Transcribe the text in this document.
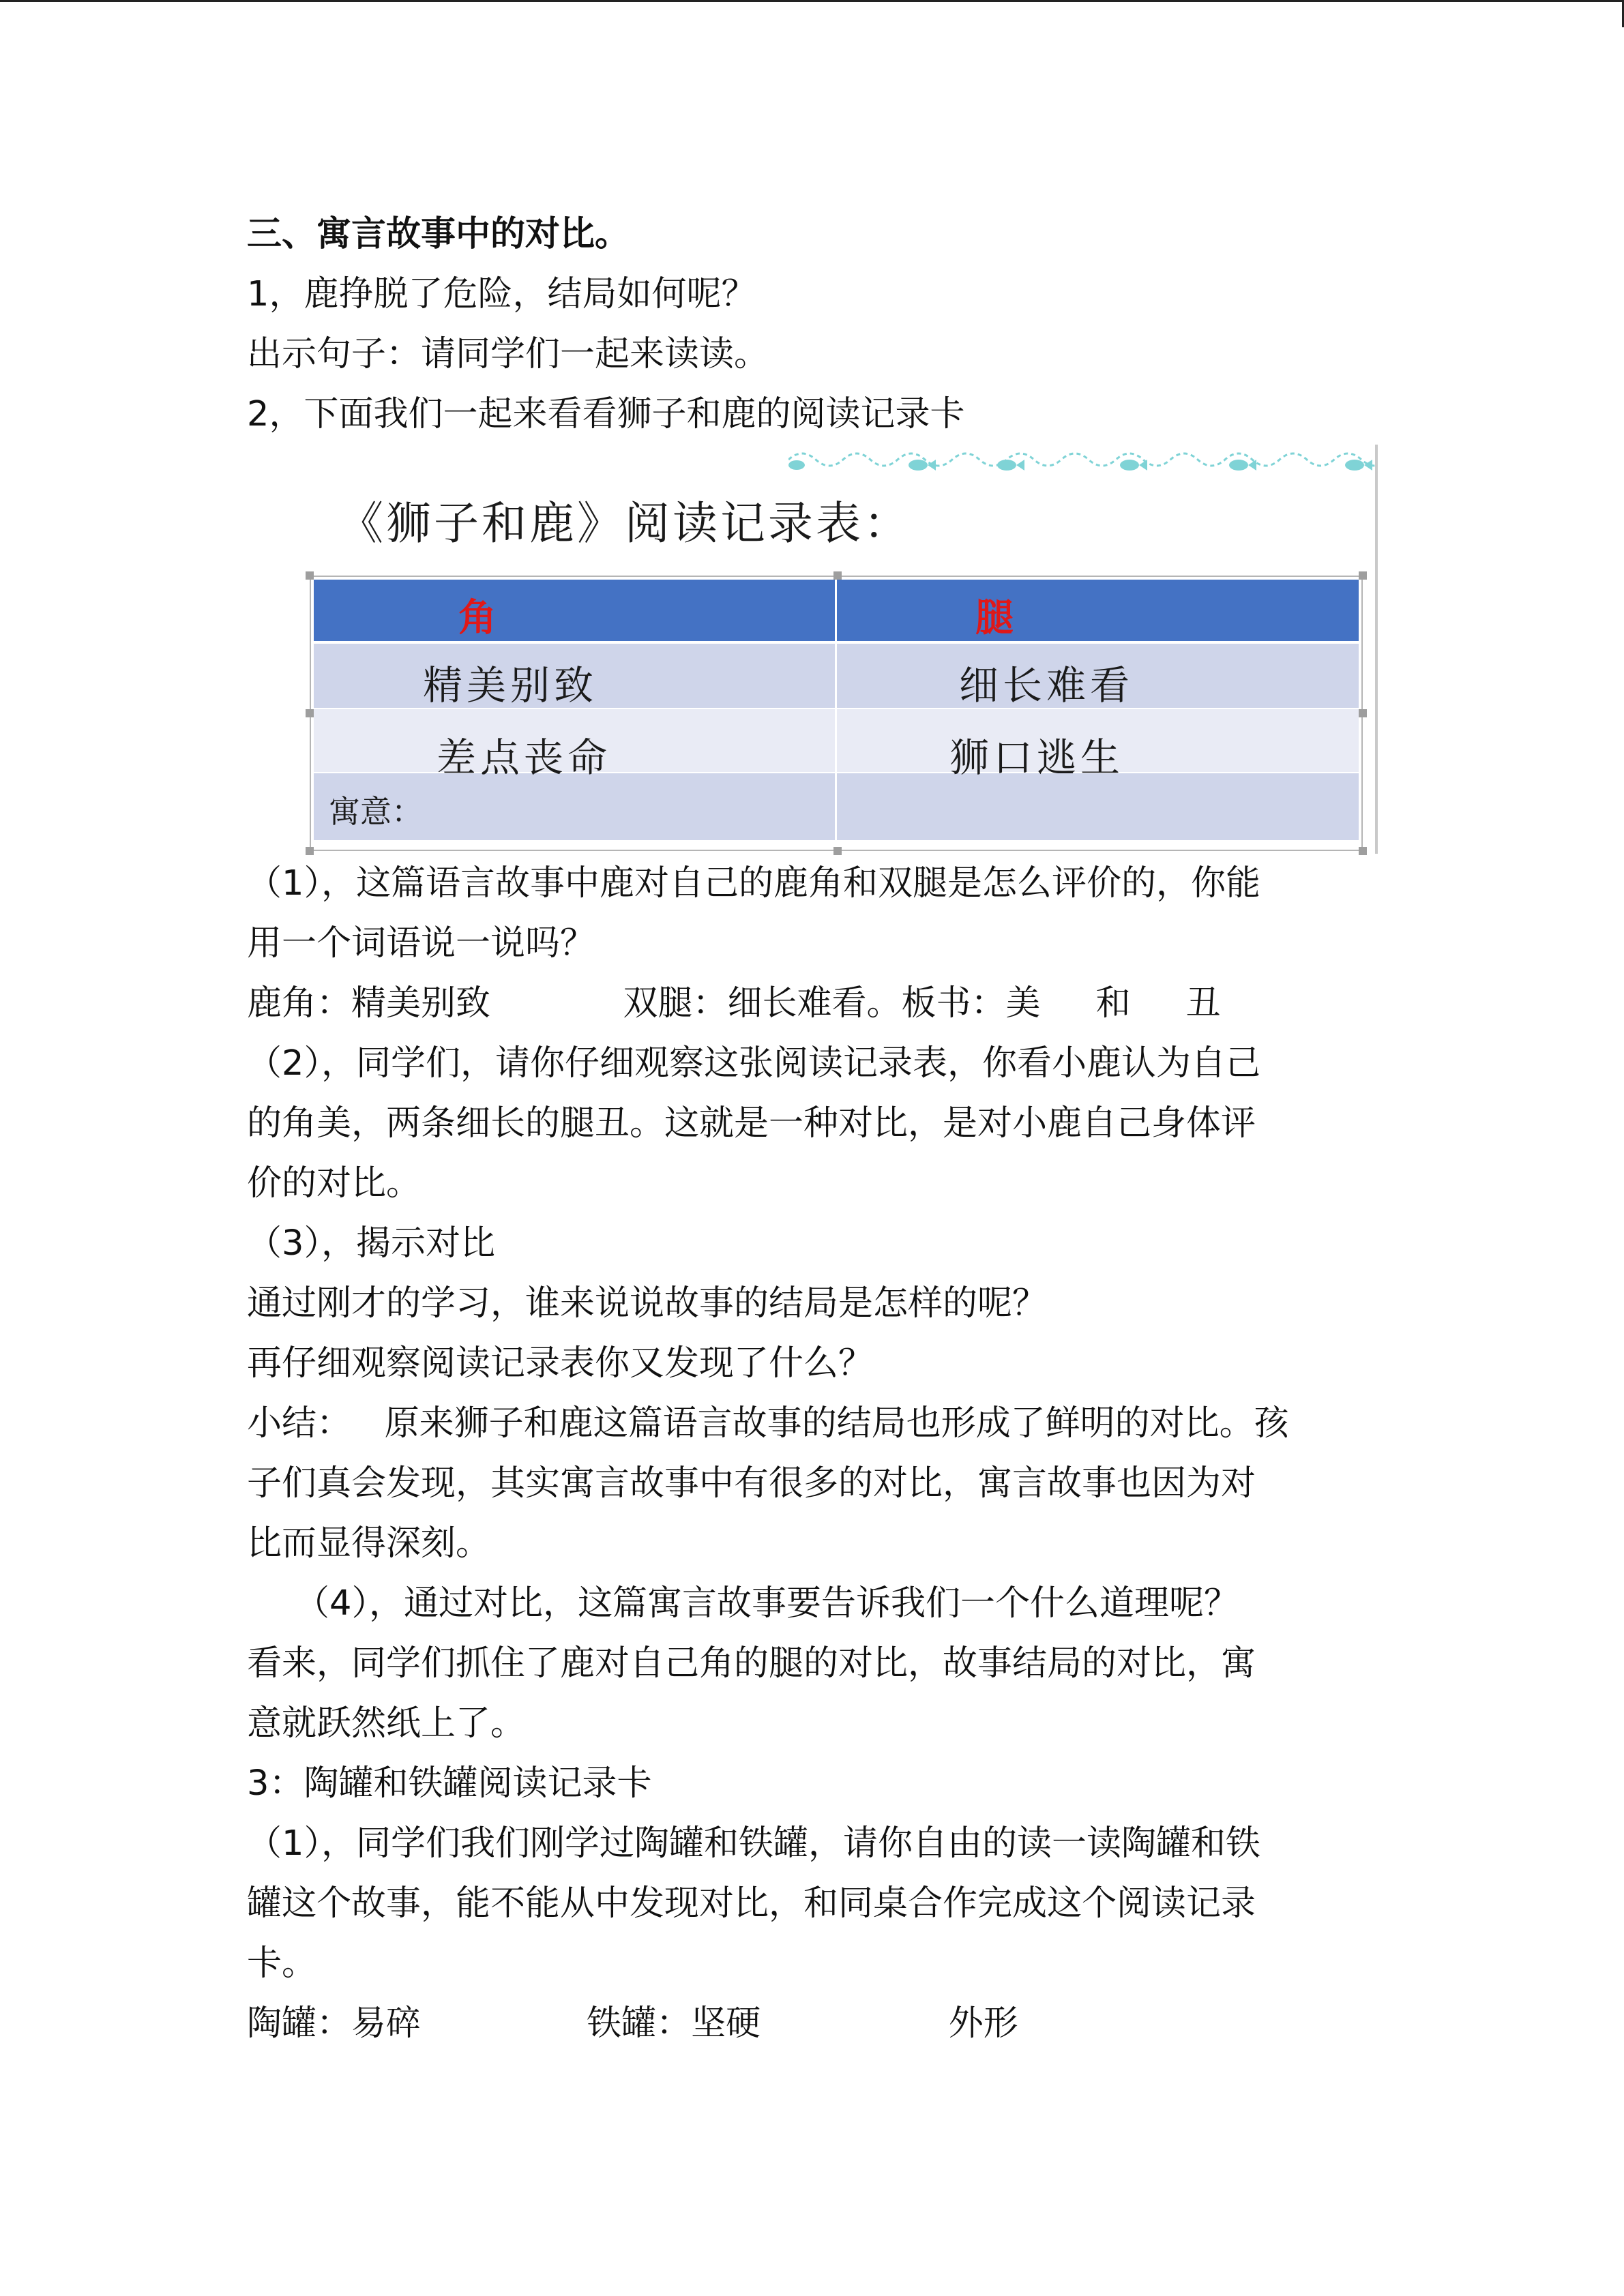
三、寓言故事中的对比。
1，鹿挣脱了危险，结局如何呢？
出示句子：请同学们一起来读读。
2，下面我们一起来看看狮子和鹿的阅读记录卡
《狮子和鹿》阅读记录表：
角	腿
精美别致	细长难看
差点丧命	狮口逃生
寓意：
（1），这篇语言故事中鹿对自己的鹿角和双腿是怎么评价的，你能
用一个词语说一说吗？
鹿角：精美别致            双腿：细长难看。板书：美     和     丑
（2），同学们，请你仔细观察这张阅读记录表，你看小鹿认为自己
的角美，两条细长的腿丑。这就是一种对比，是对小鹿自己身体评
价的对比。
（3），揭示对比
通过刚才的学习，谁来说说故事的结局是怎样的呢？
再仔细观察阅读记录表你又发现了什么？
小结：   原来狮子和鹿这篇语言故事的结局也形成了鲜明的对比。孩
子们真会发现，其实寓言故事中有很多的对比，寓言故事也因为对
比而显得深刻。
（4），通过对比，这篇寓言故事要告诉我们一个什么道理呢？
看来，同学们抓住了鹿对自己角的腿的对比，故事结局的对比，寓
意就跃然纸上了。
3：陶罐和铁罐阅读记录卡
（1），同学们我们刚学过陶罐和铁罐，请你自由的读一读陶罐和铁
罐这个故事，能不能从中发现对比，和同桌合作完成这个阅读记录
卡。
陶罐：易碎               铁罐：坚硬                 外形
